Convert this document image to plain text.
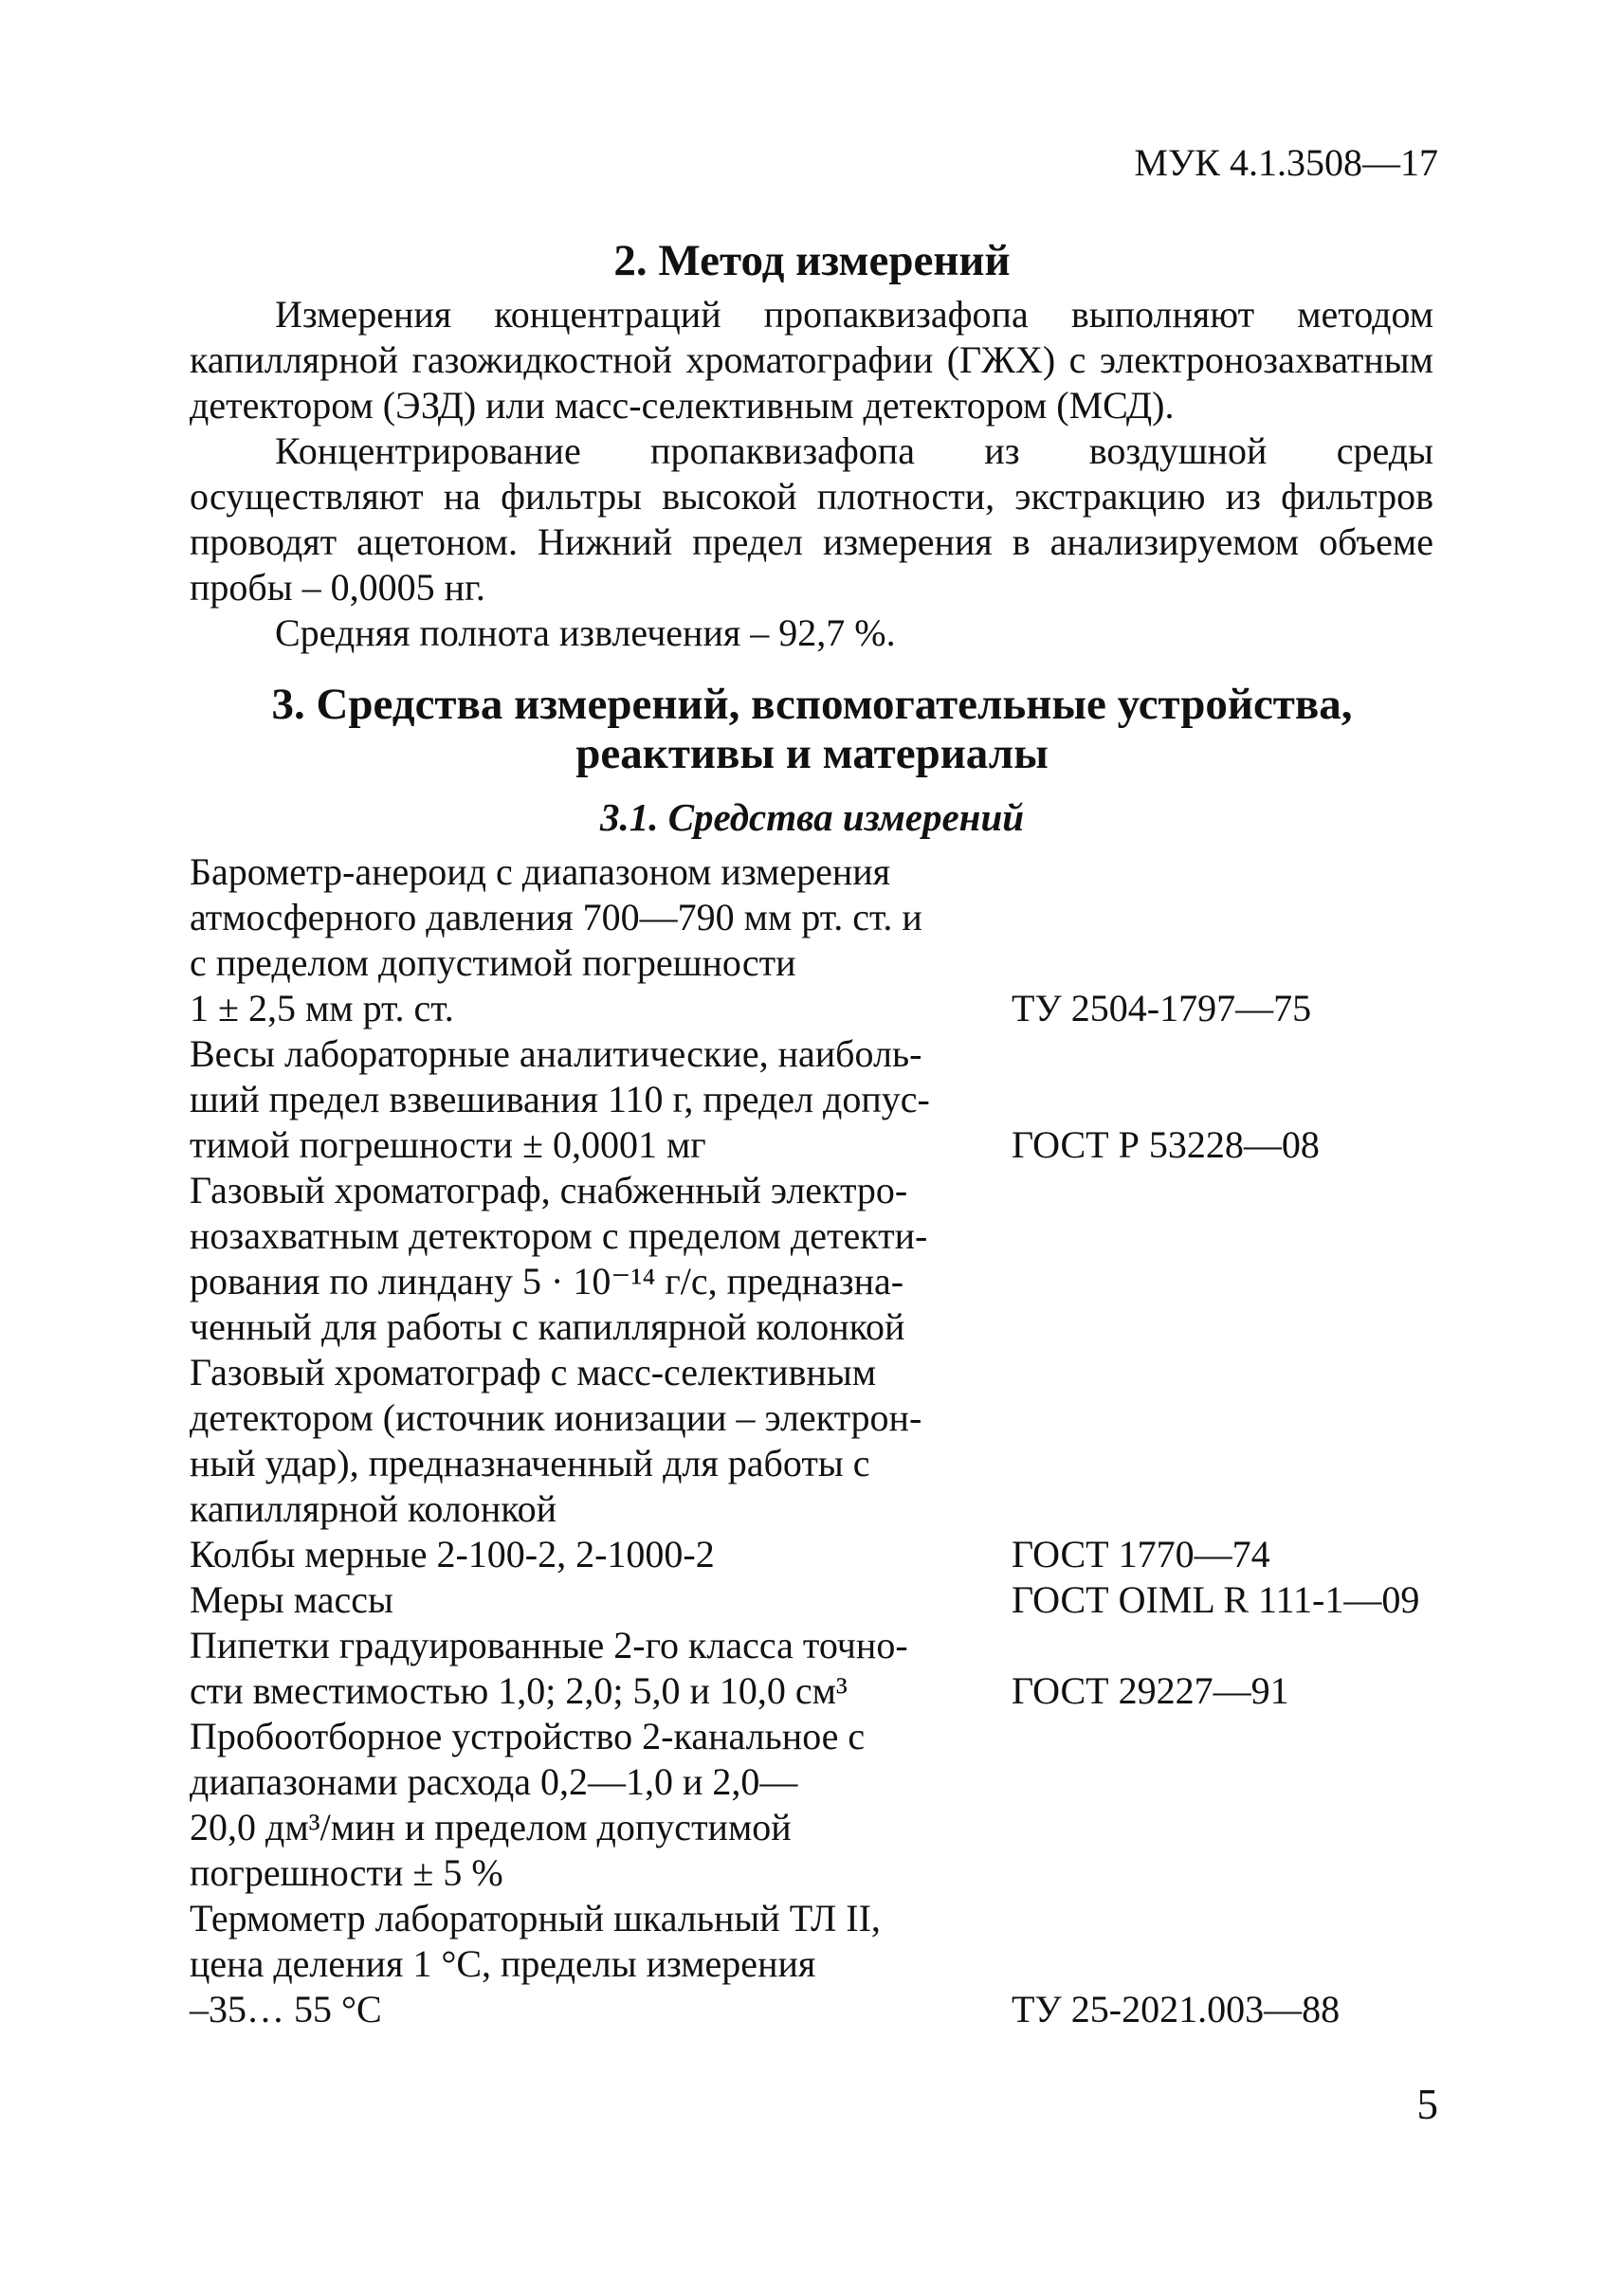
МУК 4.1.3508—17
2. Метод измерений

Измерения концентраций пропаквизафопа выполняют методом капиллярной газожидкостной хроматографии (ГЖХ) с электронозахватным детектором (ЭЗД) или масс-селективным детектором (МСД).

Концентрирование пропаквизафопа из воздушной среды осуществляют на фильтры высокой плотности, экстракцию из фильтров проводят ацетоном. Нижний предел измерения в анализируемом объеме пробы – 0,0005 нг.

Средняя полнота извлечения – 92,7 %.

3. Средства измерений, вспомогательные устройства,
реактивы и материалы
3.1. Средства измерений
Барометр-анероид с диапазоном измерения
атмосферного давления 700—790 мм рт. ст. и
с пределом допустимой погрешности
1 ± 2,5 мм рт. ст.	ТУ 2504-1797—75
Весы лабораторные аналитические, наиболь-
ший предел взвешивания 110 г, предел допус-
тимой погрешности ± 0,0001 мг	ГОСТ Р 53228—08
Газовый хроматограф, снабженный электро-
нозахватным детектором с пределом детекти-
рования по линдану 5 · 10⁻¹⁴ г/с, предназна-
ченный для работы с капиллярной колонкой
Газовый хроматограф с масс-селективным
детектором (источник ионизации – электрон-
ный удар), предназначенный для работы с
капиллярной колонкой
Колбы мерные 2-100-2, 2-1000-2	ГОСТ 1770—74
Меры массы	ГОСТ OIML R 111-1—09
Пипетки градуированные 2-го класса точно-
сти вместимостью 1,0; 2,0; 5,0 и 10,0 см³	ГОСТ 29227—91
Пробоотборное устройство 2-канальное с
диапазонами расхода 0,2—1,0 и 2,0—
20,0 дм³/мин и пределом допустимой
погрешности ± 5 %
Термометр лабораторный шкальный ТЛ II,
цена деления 1 °С, пределы измерения
–35… 55 °С	ТУ 25-2021.003—88
5
